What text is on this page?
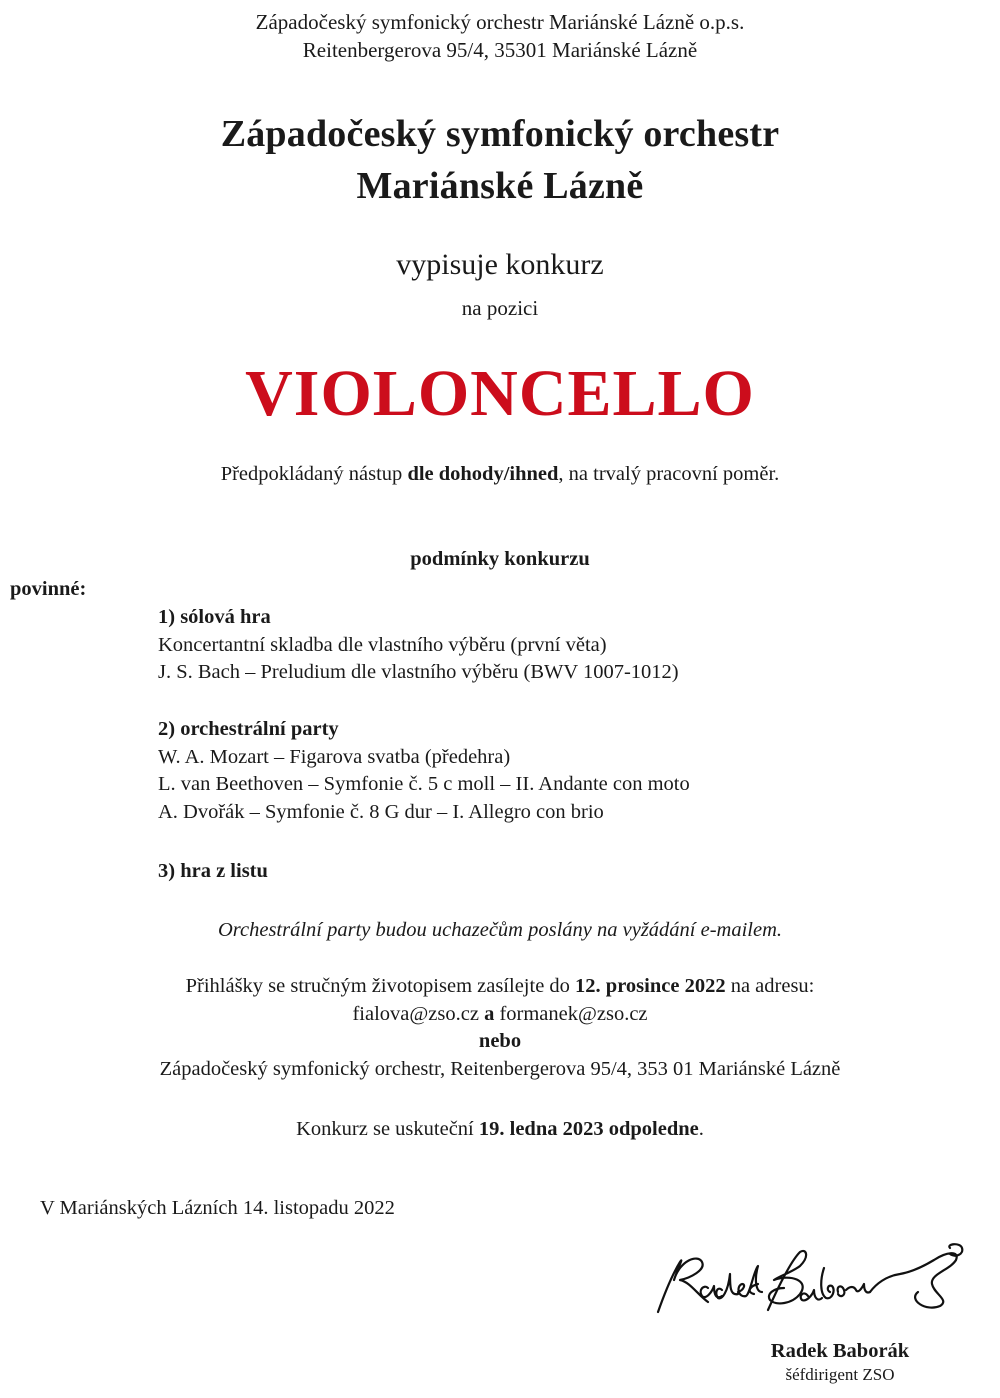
Západočeský symfonický orchestr Mariánské Lázně o.p.s.
Reitenbergerova 95/4, 35301 Mariánské Lázně
Západočeský symfonický orchestr
Mariánské Lázně
vypisuje konkurz
na pozici
VIOLONCELLO
Předpokládaný nástup dle dohody/ihned, na trvalý pracovní poměr.
podmínky konkurzu
povinné:
1) sólová hra
Koncertantní skladba dle vlastního výběru (první věta)
J. S. Bach – Preludium dle vlastního výběru (BWV 1007-1012)
2) orchestrální party
W. A. Mozart – Figarova svatba (předehra)
L. van Beethoven – Symfonie č. 5 c moll – II. Andante con moto
A. Dvořák – Symfonie č. 8 G dur – I. Allegro con brio
3) hra z listu
Orchestrální party budou uchazečům poslány na vyžádání e-mailem.
Přihlášky se stručným životopisem zasílejte do 12. prosince 2022 na adresu:
fialova@zso.cz a formanek@zso.cz
nebo
Západočeský symfonický orchestr, Reitenbergerova 95/4, 353 01 Mariánské Lázně
Konkurz se uskuteční 19. ledna 2023 odpoledne.
V Mariánských Lázních 14. listopadu 2022
Radek Baborák
šéfdirigent ZSO
